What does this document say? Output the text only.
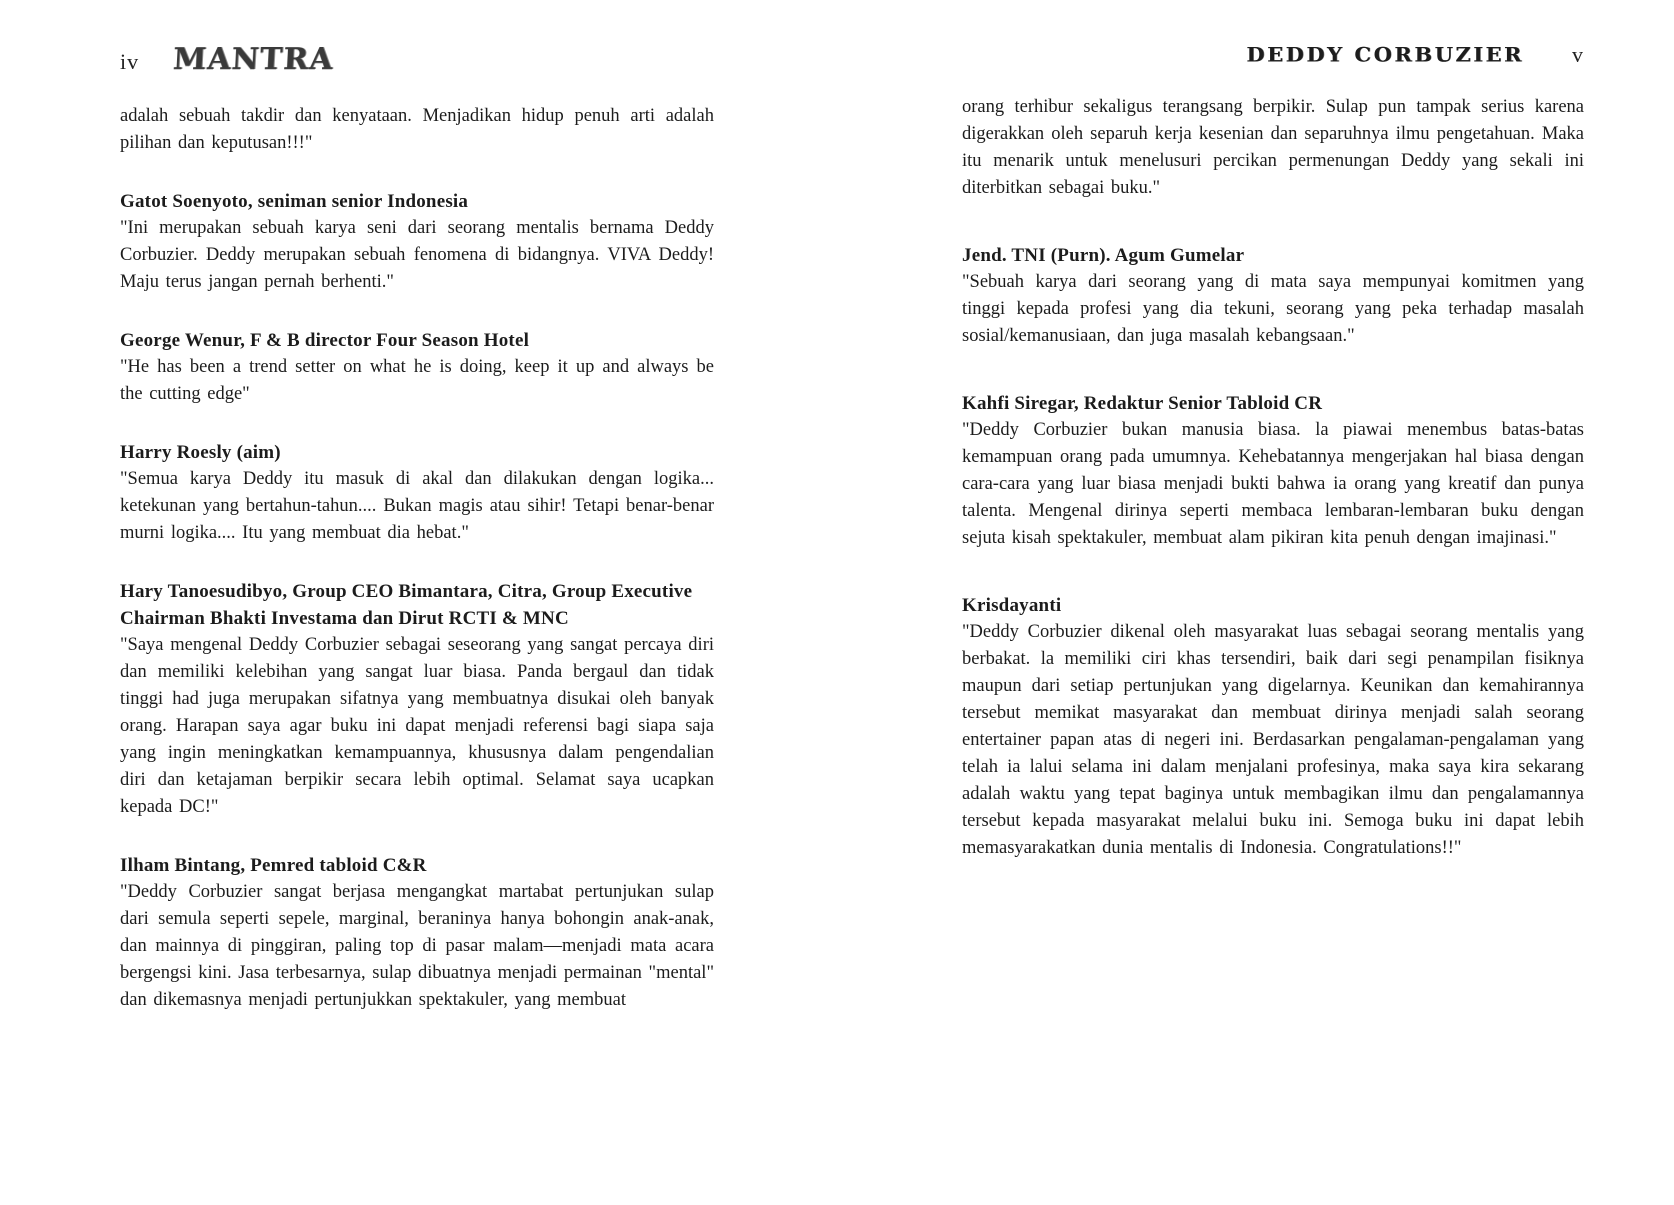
iv MANTRA

adalah sebuah takdir dan kenyataan. Menjadikan hidup penuh arti adalah pilihan dan keputusan!!!"

Gatot Soenyoto, seniman senior Indonesia

"Ini merupakan sebuah karya seni dari seorang mentalis bernama Deddy Corbuzier. Deddy merupakan sebuah fenomena di bidangnya. VIVA Deddy! Maju terus jangan pernah berhenti."

George Wenur, F & B director Four Season Hotel

"He has been a trend setter on what he is doing, keep it up and always be the cutting edge"

Harry Roesly (aim)

"Semua karya Deddy itu masuk di akal dan dilakukan dengan logika... ketekunan yang bertahun-tahun.... Bukan magis atau sihir! Tetapi benar-benar murni logika.... Itu yang membuat dia hebat."

Hary Tanoesudibyo, Group CEO Bimantara, Citra, Group Executive Chairman Bhakti Investama dan Dirut RCTI & MNC

"Saya mengenal Deddy Corbuzier sebagai seseorang yang sangat percaya diri dan memiliki kelebihan yang sangat luar biasa. Panda bergaul dan tidak tinggi had juga merupakan sifatnya yang membuatnya disukai oleh banyak orang. Harapan saya agar buku ini dapat menjadi referensi bagi siapa saja yang ingin meningkatkan kemampuannya, khususnya dalam pengendalian diri dan ketajaman berpikir secara lebih optimal. Selamat saya ucapkan kepada DC!"

Ilham Bintang, Pemred tabloid C&R

"Deddy Corbuzier sangat berjasa mengangkat martabat pertunjukan sulap dari semula seperti sepele, marginal, beraninya hanya bohongin anak-anak, dan mainnya di pinggiran, paling top di pasar malam—menjadi mata acara bergengsi kini. Jasa terbesarnya, sulap dibuatnya menjadi permainan "mental" dan dikemasnya menjadi pertunjukkan spektakuler, yang membuat

DEDDY CORBUZIER v

orang terhibur sekaligus terangsang berpikir. Sulap pun tampak serius karena digerakkan oleh separuh kerja kesenian dan separuhnya ilmu pengetahuan. Maka itu menarik untuk menelusuri percikan permenungan Deddy yang sekali ini diterbitkan sebagai buku."

Jend. TNI (Purn). Agum Gumelar

"Sebuah karya dari seorang yang di mata saya mempunyai komitmen yang tinggi kepada profesi yang dia tekuni, seorang yang peka terhadap masalah sosial/kemanusiaan, dan juga masalah kebangsaan."

Kahfi Siregar, Redaktur Senior Tabloid CR

"Deddy Corbuzier bukan manusia biasa. la piawai menembus batas-batas kemampuan orang pada umumnya. Kehebatannya mengerjakan hal biasa dengan cara-cara yang luar biasa menjadi bukti bahwa ia orang yang kreatif dan punya talenta. Mengenal dirinya seperti membaca lembaran-lembaran buku dengan sejuta kisah spektakuler, membuat alam pikiran kita penuh dengan imajinasi."

Krisdayanti

"Deddy Corbuzier dikenal oleh masyarakat luas sebagai seorang mentalis yang berbakat. la memiliki ciri khas tersendiri, baik dari segi penampilan fisiknya maupun dari setiap pertunjukan yang digelarnya. Keunikan dan kemahirannya tersebut memikat masyarakat dan membuat dirinya menjadi salah seorang entertainer papan atas di negeri ini. Berdasarkan pengalaman-pengalaman yang telah ia lalui selama ini dalam menjalani profesinya, maka saya kira sekarang adalah waktu yang tepat baginya untuk membagikan ilmu dan pengalamannya tersebut kepada masyarakat melalui buku ini. Semoga buku ini dapat lebih memasyarakatkan dunia mentalis di Indonesia. Congratulations!!"
